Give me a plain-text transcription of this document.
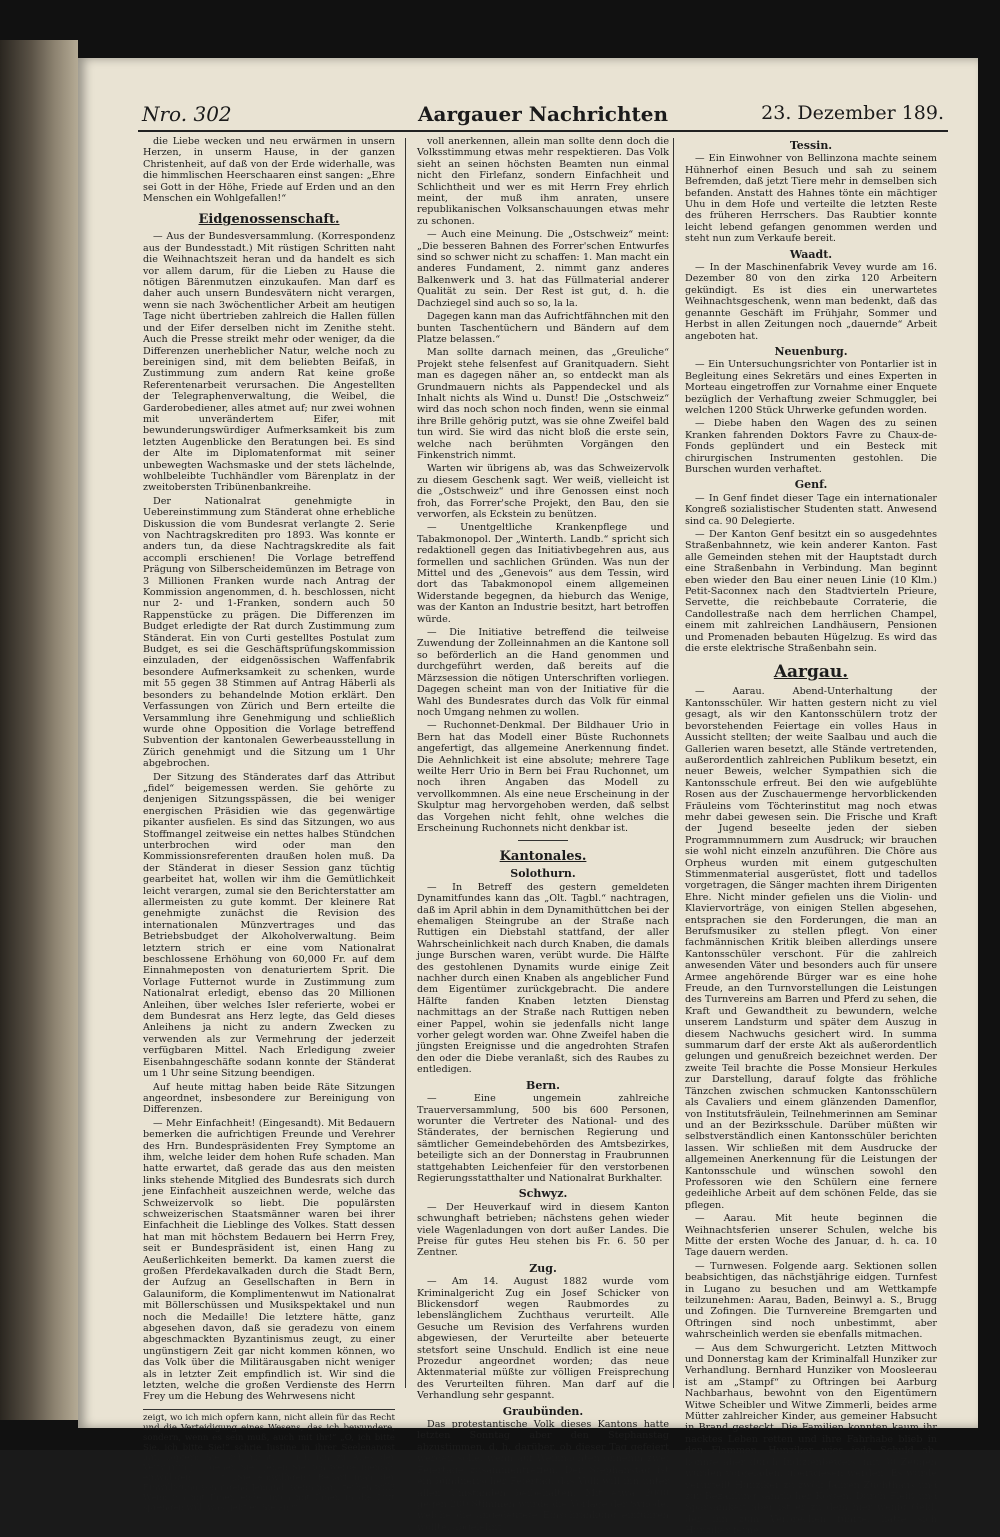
Nro. 302	Aargauer Nachrichten	23. Dezember 189.

die Liebe wecken und neu erwärmen in unsern Herzen, in unserm Hause, in der ganzen Christenheit, auf daß von der Erde widerhalle, was die himmlischen Heerschaaren einst sangen: „Ehre sei Gott in der Höhe, Friede auf Erden und an den Menschen ein Wohlgefallen!“

Eidgenossenschaft.

— Aus der Bundesversammlung. (Korrespondenz aus der Bundesstadt.) Mit rüstigen Schritten naht die Weihnachtszeit heran und da handelt es sich vor allem darum, für die Lieben zu Hause die nötigen Bärenmutzen einzukaufen. Man darf es daher auch unsern Bundesvätern nicht verargen, wenn sie nach 3wöchentlicher Arbeit am heutigen Tage nicht übertrieben zahlreich die Hallen füllen und der Eifer derselben nicht im Zenithe steht. Auch die Presse streikt mehr oder weniger, da die Differenzen unerheblicher Natur, welche noch zu bereinigen sind, mit dem beliebten Beifaß, in Zustimmung zum andern Rat keine große Referentenarbeit verursachen. Die Angestellten der Telegraphenverwaltung, die Weibel, die Garderobediener, alles atmet auf; nur zwei wohnen mit unverändertem Eifer, mit bewunderungswürdiger Aufmerksamkeit bis zum letzten Augenblicke den Beratungen bei. Es sind der Alte im Diplomatenformat mit seiner unbewegten Wachsmaske und der stets lächelnde, wohlbeleibte Tuchhändler vom Bärenplatz in der zweitobersten Tribünenbankreihe.

Der Nationalrat genehmigte in Uebereinstimmung zum Ständerat ohne erhebliche Diskussion die vom Bundesrat verlangte 2. Serie von Nachtragskrediten pro 1893. Was konnte er anders tun, da diese Nachtragskredite als fait accompli erschienen! Die Vorlage betreffend Prägung von Silberscheidemünzen im Betrage von 3 Millionen Franken wurde nach Antrag der Kommission angenommen, d. h. beschlossen, nicht nur 2- und 1-Franken, sondern auch 50 Rappenstücke zu prägen. Die Differenzen im Budget erledigte der Rat durch Zustimmung zum Ständerat. Ein von Curti gestelltes Postulat zum Budget, es sei die Geschäftsprüfungskommission einzuladen, der eidgenössischen Waffenfabrik besondere Aufmerksamkeit zu schenken, wurde mit 55 gegen 38 Stimmen auf Antrag Häberli als besonders zu behandelnde Motion erklärt. Den Verfassungen von Zürich und Bern erteilte die Versammlung ihre Genehmigung und schließlich wurde ohne Opposition die Vorlage betreffend Subvention der kantonalen Gewerbeausstellung in Zürich genehmigt und die Sitzung um 1 Uhr abgebrochen.

Der Sitzung des Ständerates darf das Attribut „fidel“ beigemessen werden. Sie gehörte zu denjenigen Sitzungsspässen, die bei weniger energischen Präsidien wie das gegenwärtige pikanter ausfielen. Es sind das Sitzungen, wo aus Stoffmangel zeitweise ein nettes halbes Stündchen unterbrochen wird oder man den Kommissionsreferenten draußen holen muß. Da der Ständerat in dieser Session ganz tüchtig gearbeitet hat, wollen wir ihm die Gemütlichkeit leicht verargen, zumal sie den Berichterstatter am allermeisten zu gute kommt. Der kleinere Rat genehmigte zunächst die Revision des internationalen Münzvertrages und das Betriebsbudget der Alkoholverwaltung. Beim letztern strich er eine vom Nationalrat beschlossene Erhöhung von 60,000 Fr. auf dem Einnahmeposten von denaturiertem Sprit. Die Vorlage Futternot wurde in Zustimmung zum Nationalrat erledigt, ebenso das 20 Millionen Anleihen, über welches Isler referierte, wobei er dem Bundesrat ans Herz legte, das Geld dieses Anleihens ja nicht zu andern Zwecken zu verwenden als zur Vermehrung der jederzeit verfügbaren Mittel. Nach Erledigung zweier Eisenbahngeschäfte sodann konnte der Ständerat um 1 Uhr seine Sitzung beendigen.

Auf heute mittag haben beide Räte Sitzungen angeordnet, insbesondere zur Bereinigung von Differenzen.

— Mehr Einfachheit! (Eingesandt). Mit Bedauern bemerken die aufrichtigen Freunde und Verehrer des Hrn. Bundespräsidenten Frey Symptome an ihm, welche leider dem hohen Rufe schaden. Man hatte erwartet, daß gerade das aus den meisten links stehende Mitglied des Bundesrats sich durch jene Einfachheit auszeichnen werde, welche das Schweizervolk so liebt. Die populärsten schweizerischen Staatsmänner waren bei ihrer Einfachheit die Lieblinge des Volkes. Statt dessen hat man mit höchstem Bedauern bei Herrn Frey, seit er Bundespräsident ist, einen Hang zu Aeußerlichkeiten bemerkt. Da kamen zuerst die großen Pferdekavalkaden durch die Stadt Bern, der Aufzug an Gesellschaften in Bern in Galauniform, die Komplimentenwut im Nationalrat mit Böllerschüssen und Musikspektakel und nun noch die Medaille! Die letztere hätte, ganz abgesehen davon, daß sie geradezu von einem abgeschmackten Byzantinismus zeugt, zu einer ungünstigern Zeit gar nicht kommen können, wo das Volk über die Militärausgaben nicht weniger als in letzter Zeit empfindlich ist. Wir sind die letzten, welche die großen Verdienste des Herrn Frey um die Hebung des Wehrwesens nicht

zeigt, wo ich mich opfern kann, nicht allein für das Recht und die Verteidigung eines Wesens, das ich bewundere, sondern, wenn es sein muß, auch mit ihr!“ „O, ich bitte Sie, ich bitte Sie!“ schrie Justine in ihrer Seelenangst auf; „opfern Sie sich nicht, — ich bin zu Alles der Verwirrung — gehen Sie, gehen Sie, ich werde niemals einwilligen . . .“ „Sie einwilligen? Bedarf man der Einwilligung von irgend Jemand, wenn man sterben will? Wenn ich mit Ihnen ende, mich mit Ihnen in die Luft sprengen will, was geht es Sie an?“

voll anerkennen, allein man sollte denn doch die Volksstimmung etwas mehr respektieren. Das Volk sieht an seinen höchsten Beamten nun einmal nicht den Firlefanz, sondern Einfachheit und Schlichtheit und wer es mit Herrn Frey ehrlich meint, der muß ihm anraten, unsere republikanischen Volksanschauungen etwas mehr zu schonen.

— Auch eine Meinung. Die „Ostschweiz“ meint: „Die besseren Bahnen des Forrer'schen Entwurfes sind so schwer nicht zu schaffen: 1. Man macht ein anderes Fundament, 2. nimmt ganz anderes Balkenwerk und 3. hat das Füllmaterial anderer Qualität zu sein. Der Rest ist gut, d. h. die Dachziegel sind auch so so, la la.

Dagegen kann man das Aufrichtfähnchen mit den bunten Taschentüchern und Bändern auf dem Platze belassen.“

Man sollte darnach meinen, das „Greuliche“ Projekt stehe felsenfest auf Granitquadern. Sieht man es dagegen näher an, so entdeckt man als Grundmauern nichts als Pappendeckel und als Inhalt nichts als Wind u. Dunst! Die „Ostschweiz“ wird das noch schon noch finden, wenn sie einmal ihre Brille gehörig putzt, was sie ohne Zweifel bald tun wird. Sie wird das nicht bloß die erste sein, welche nach berühmten Vorgängen den Finkenstrich nimmt.

Warten wir übrigens ab, was das Schweizervolk zu diesem Geschenk sagt. Wer weiß, vielleicht ist die „Ostschweiz“ und ihre Genossen einst noch froh, das Forrer'sche Projekt, den Bau, den sie verworfen, als Eckstein zu benützen.

— Unentgeltliche Krankenpflege und Tabakmonopol. Der „Winterth. Landb.“ spricht sich redaktionell gegen das Initiativbegehren aus, aus formellen und sachlichen Gründen. Was nun der Mittel und des „Genevois“ aus dem Tessin, wird dort das Tabakmonopol einem allgemeinen Widerstande begegnen, da hieburch das Wenige, was der Kanton an Industrie besitzt, hart betroffen würde.

— Die Initiative betreffend die teilweise Zuwendung der Zolleinnahmen an die Kantone soll so beförderlich an die Hand genommen und durchgeführt werden, daß bereits auf die Märzsession die nötigen Unterschriften vorliegen. Dagegen scheint man von der Initiative für die Wahl des Bundesrates durch das Volk für einmal noch Umgang nehmen zu wollen.

— Ruchonnet-Denkmal. Der Bildhauer Urio in Bern hat das Modell einer Büste Ruchonnets angefertigt, das allgemeine Anerkennung findet. Die Aehnlichkeit ist eine absolute; mehrere Tage weilte Herr Urio in Bern bei Frau Ruchonnet, um noch ihren Angaben das Modell zu vervollkommnen. Als eine neue Erscheinung in der Skulptur mag hervorgehoben werden, daß selbst das Vorgehen nicht fehlt, ohne welches die Erscheinung Ruchonnets nicht denkbar ist.

Kantonales.
Solothurn.

— In Betreff des gestern gemeldeten Dynamitfundes kann das „Olt. Tagbl.“ nachtragen, daß im April abhin in dem Dynamithüttchen bei der ehemaligen Steingrube an der Straße nach Ruttigen ein Diebstahl stattfand, der aller Wahrscheinlichkeit nach durch Knaben, die damals junge Burschen waren, verübt wurde. Die Hälfte des gestohlenen Dynamits wurde einige Zeit nachher durch einen Knaben als angeblicher Fund dem Eigentümer zurückgebracht. Die andere Hälfte fanden Knaben letzten Dienstag nachmittags an der Straße nach Ruttigen neben einer Pappel, wohin sie jedenfalls nicht lange vorher gelegt worden war. Ohne Zweifel haben die jüngsten Ereignisse und die angedrohten Strafen den oder die Diebe veranlaßt, sich des Raubes zu entledigen.

Bern.

— Eine ungemein zahlreiche Trauerversammlung, 500 bis 600 Personen, worunter die Vertreter des National- und des Ständerates, der bernischen Regierung und sämtlicher Gemeindebehörden des Amtsbezirkes, beteiligte sich an der Donnerstag in Fraubrunnen stattgehabten Leichenfeier für den verstorbenen Regierungsstatthalter und Nationalrat Burkhalter.

Schwyz.

— Der Heuverkauf wird in diesem Kanton schwunghaft betrieben; nächstens gehen wieder viele Wagenladungen von dort außer Landes. Die Preise für gutes Heu stehen bis Fr. 6. 50 per Zentner.

Zug.

— Am 14. August 1882 wurde vom Kriminalgericht Zug ein Josef Schicker von Blickensdorf wegen Raubmordes zu lebenslänglichem Zuchthaus verurteilt. Alle Gesuche um Revision des Verfahrens wurden abgewiesen, der Verurteilte aber beteuerte stetsfort seine Unschuld. Endlich ist eine neue Prozedur angeordnet worden; das neue Aktenmaterial müßte zur völligen Freisprechung des Verurteilten führen. Man darf auf die Verhandlung sehr gespannt.

Graubünden.

Das protestantische Volk dieses Kantons hatte letzten Sonntag aber den Stephanstag abzustimmen, d. h. darüber, ob dieser Tag gefeiert werden solle, wenn auf Weihnachten ohnehin zwei Feiertage zusammentreffen. Der Stephanstag ist ein bündnerischer Feiertag, das Volk will ihn unter allen Umständen beibehalten. Mit etwa 2000 gegen 200 Stimmen wurde die Vorlage der Synode, welche die angedeutete Einschränkung einführen wollte, abgelehnt.

Tessin.

— Ein Einwohner von Bellinzona machte seinem Hühnerhof einen Besuch und sah zu seinem Befremden, daß jetzt Tiere mehr in demselben sich befanden. Anstatt des Hahnes tönte ein mächtiger Uhu in dem Hofe und verteilte die letzten Reste des früheren Herrschers. Das Raubtier konnte leicht lebend gefangen genommen werden und steht nun zum Verkaufe bereit.

Waadt.

— In der Maschinenfabrik Vevey wurde am 16. Dezember 80 von den zirka 120 Arbeitern gekündigt. Es ist dies ein unerwartetes Weihnachtsgeschenk, wenn man bedenkt, daß das genannte Geschäft im Frühjahr, Sommer und Herbst in allen Zeitungen noch „dauernde“ Arbeit angeboten hat.

Neuenburg.

— Ein Untersuchungsrichter von Pontarlier ist in Begleitung eines Sekretärs und eines Experten in Morteau eingetroffen zur Vornahme einer Enquete bezüglich der Verhaftung zweier Schmuggler, bei welchen 1200 Stück Uhrwerke gefunden worden.

— Diebe haben den Wagen des zu seinen Kranken fahrenden Doktors Favre zu Chaux-de-Fonds geplündert und ein Besteck mit chirurgischen Instrumenten gestohlen. Die Burschen wurden verhaftet.

Genf.

— In Genf findet dieser Tage ein internationaler Kongreß sozialistischer Studenten statt. Anwesend sind ca. 90 Delegierte.

— Der Kanton Genf besitzt ein so ausgedehntes Straßenbahnnetz, wie kein anderer Kanton. Fast alle Gemeinden stehen mit der Hauptstadt durch eine Straßenbahn in Verbindung. Man beginnt eben wieder den Bau einer neuen Linie (10 Klm.) Petit-Saconnex nach den Stadtvierteln Prieure, Servette, die reichbebaute Corraterie, die Candollestraße nach dem herrlichen Champel, einem mit zahlreichen Landhäusern, Pensionen und Promenaden bebauten Hügelzug. Es wird das die erste elektrische Straßenbahn sein.

Aargau.

— Aarau. Abend-Unterhaltung der Kantonsschüler. Wir hatten gestern nicht zu viel gesagt, als wir den Kantonsschülern trotz der bevorstehenden Feiertage ein volles Haus in Aussicht stellten; der weite Saalbau und auch die Gallerien waren besetzt, alle Stände vertretenden, außerordentlich zahlreichen Publikum besetzt, ein neuer Beweis, welcher Sympathien sich die Kantonsschule erfreut. Bei den wie aufgeblühte Rosen aus der Zuschauermenge hervorblickenden Fräuleins vom Töchterinstitut mag noch etwas mehr dabei gewesen sein. Die Frische und Kraft der Jugend beseelte jeden der sieben Programmnummern zum Ausdruck; wir brauchen sie wohl nicht einzeln anzuführen. Die Chöre aus Orpheus wurden mit einem gutgeschulten Stimmenmaterial ausgerüstet, flott und tadellos vorgetragen, die Sänger machten ihrem Dirigenten Ehre. Nicht minder gefielen uns die Violin- und Klaviervorträge, von einigen Stellen abgesehen, entsprachen sie den Forderungen, die man an Berufsmusiker zu stellen pflegt. Von einer fachmännischen Kritik bleiben allerdings unsere Kantonsschüler verschont. Für die zahlreich anwesenden Väter und besonders auch für unsere Armee angehörende Bürger war es eine hohe Freude, an den Turnvorstellungen die Leistungen des Turnvereins am Barren und Pferd zu sehen, die Kraft und Gewandtheit zu bewundern, welche unserem Landsturm und später dem Auszug in diesem Nachwuchs gesichert wird. In summa summarum darf der erste Akt als außerordentlich gelungen und genußreich bezeichnet werden. Der zweite Teil brachte die Posse Monsieur Herkules zur Darstellung, darauf folgte das fröhliche Tänzchen zwischen schmucken Kantonsschülern als Cavaliers und einem glänzenden Damenflor, von Institutsfräulein, Teilnehmerinnen am Seminar und an der Bezirksschule. Darüber müßten wir selbstverständlich einen Kantonsschüler berichten lassen. Wir schließen mit dem Ausdrucke der allgemeinen Anerkennung für die Leistungen der Kantonsschule und wünschen sowohl den Professoren wie den Schülern eine fernere gedeihliche Arbeit auf dem schönen Felde, das sie pflegen.

— Aarau. Mit heute beginnen die Weihnachtsferien unserer Schulen, welche bis Mitte der ersten Woche des Januar, d. h. ca. 10 Tage dauern werden.

— Turnwesen. Folgende aarg. Sektionen sollen beabsichtigen, das nächstjährige eidgen. Turnfest in Lugano zu besuchen und am Wettkampfe teilzunehmen: Aarau, Baden, Beinwyl a. S., Brugg und Zofingen. Die Turnvereine Bremgarten und Oftringen sind noch unbestimmt, aber wahrscheinlich werden sie ebenfalls mitmachen.

— Aus dem Schwurgericht. Letzten Mittwoch und Donnerstag kam der Kriminalfall Hunziker zur Verhandlung. Bernhard Hunziker von Moosleerau ist am „Stampf“ zu Oftringen bei Aarburg Nachbarhaus, bewohnt von den Eigentümern Witwe Scheibler und Witwe Zimmerli, beides arme Mütter zahlreicher Kinder, aus gemeiner Habsucht in Brand gesteckt. Die Familien konnten kaum ihr nacktes Leben retten und ihre Fahrhabe blieb in den Flammen. Hunziker wies jede Schuld ab, konnte aber durch Indizienbeweis, mit 30 Zeugen wurden vorgeladen, überwiesen werden. Es wurde verurteilt Hunziker zu zwölf Jahren Zuchthaus und zur Bezahlung sämtlicher Kosten. Durch Fleiß und Sparsamkeit aber ist er zu dem hier wenig Geld, der ihn zum Verbrechen führte, hatte sich Hunziker ferne
